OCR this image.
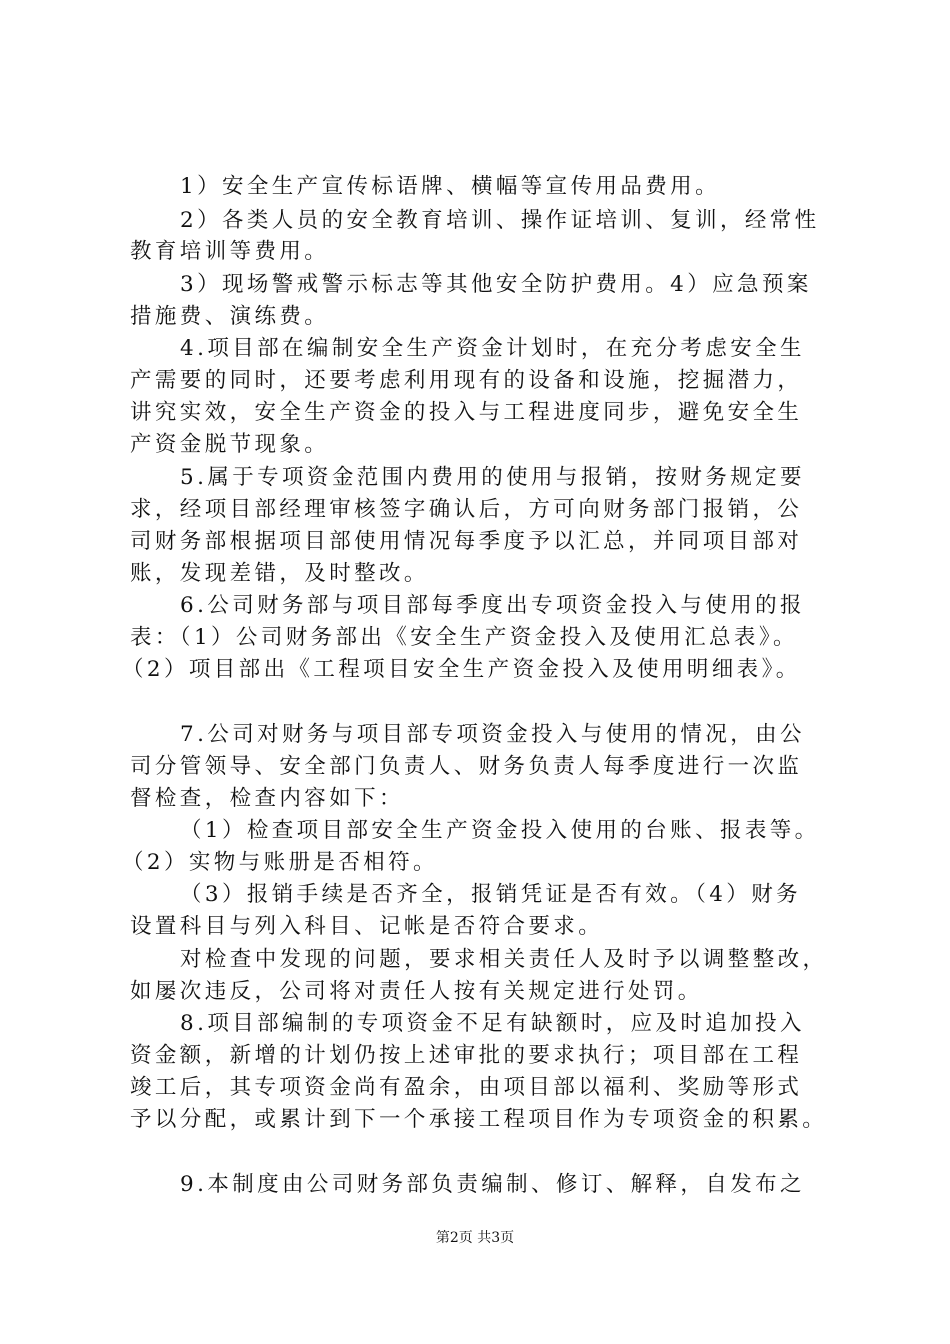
1）安全生产宣传标语牌、横幅等宣传用品费用。
2）各类人员的安全教育培训、操作证培训、复训，经常性
教育培训等费用。
3）现场警戒警示标志等其他安全防护费用。4）应急预案
措施费、演练费。
4.项目部在编制安全生产资金计划时，在充分考虑安全生
产需要的同时，还要考虑利用现有的设备和设施，挖掘潜力，
讲究实效，安全生产资金的投入与工程进度同步，避免安全生
产资金脱节现象。
5.属于专项资金范围内费用的使用与报销，按财务规定要
求，经项目部经理审核签字确认后，方可向财务部门报销，公
司财务部根据项目部使用情况每季度予以汇总，并同项目部对
账，发现差错，及时整改。
6.公司财务部与项目部每季度出专项资金投入与使用的报
表：（1）公司财务部出《安全生产资金投入及使用汇总表》。
（2）项目部出《工程项目安全生产资金投入及使用明细表》。
7.公司对财务与项目部专项资金投入与使用的情况，由公
司分管领导、安全部门负责人、财务负责人每季度进行一次监
督检查，检查内容如下：
（1）检查项目部安全生产资金投入使用的台账、报表等。
（2）实物与账册是否相符。
（3）报销手续是否齐全，报销凭证是否有效。（4）财务
设置科目与列入科目、记帐是否符合要求。
对检查中发现的问题，要求相关责任人及时予以调整整改，
如屡次违反，公司将对责任人按有关规定进行处罚。
8.项目部编制的专项资金不足有缺额时，应及时追加投入
资金额，新增的计划仍按上述审批的要求执行；项目部在工程
竣工后，其专项资金尚有盈余，由项目部以福利、奖励等形式
予以分配，或累计到下一个承接工程项目作为专项资金的积累。
9.本制度由公司财务部负责编制、修订、解释，自发布之
第2页 共3页
